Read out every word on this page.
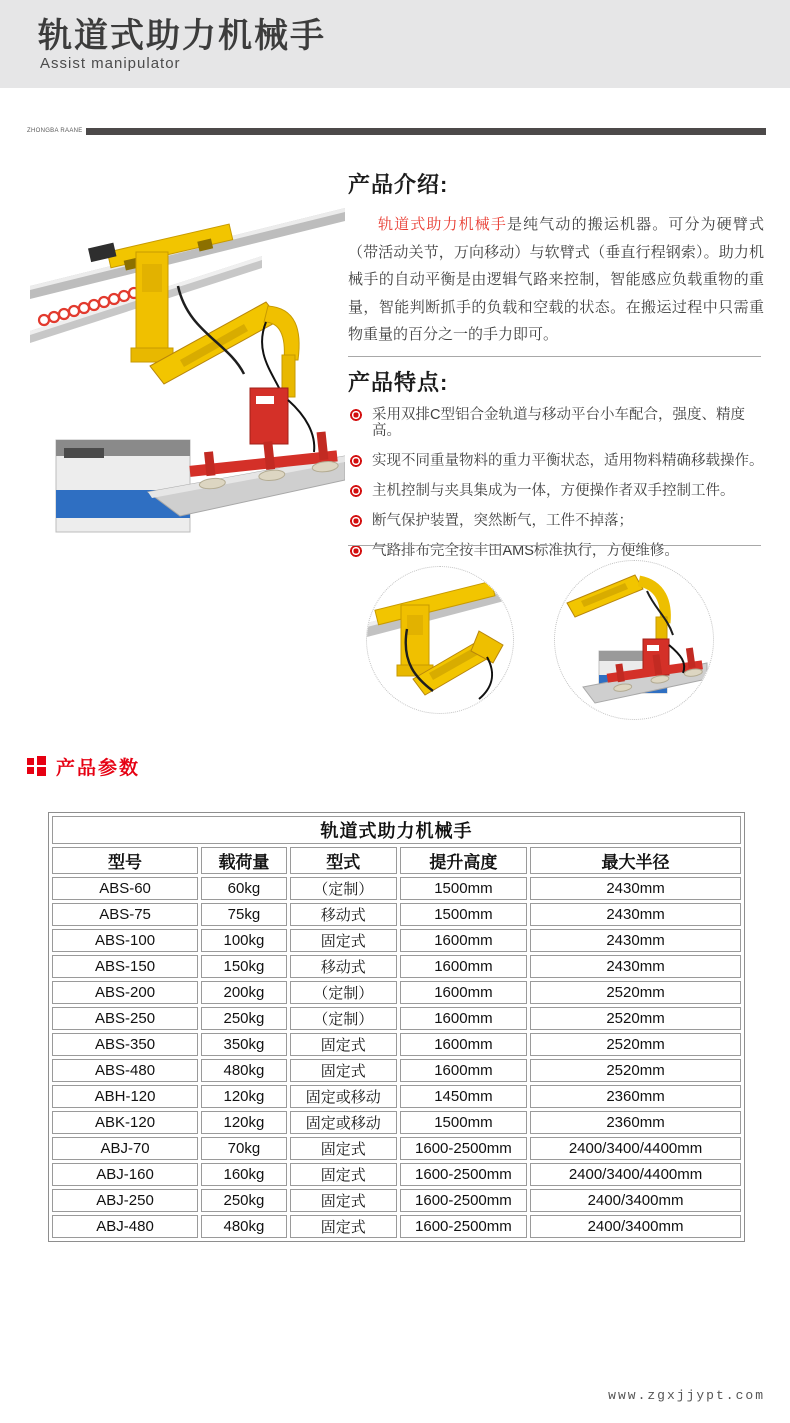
轨道式助力机械手
Assist manipulator
ZHONGBA RAANE
产品介绍:

轨道式助力机械手是纯气动的搬运机器。可分为硬臂式（带活动关节，万向移动）与软臂式（垂直行程钢索）。助力机械手的自动平衡是由逻辑气路来控制，智能感应负载重物的重量，智能判断抓手的负载和空载的状态。在搬运过程中只需重物重量的百分之一的手力即可。

产品特点:
采用双排C型铝合金轨道与移动平台小车配合，强度、精度高。
实现不同重量物料的重力平衡状态，适用物料精确移载操作。
主机控制与夹具集成为一体，方便操作者双手控制工件。
断气保护装置，突然断气，工件不掉落；
气路排布完全按丰田AMS标准执行，方便维修。
产品参数
轨道式助力机械手				
型号	载荷量	型式	提升高度	最大半径
ABS-60	60kg	（定制）	1500mm	2430mm
ABS-75	75kg	移动式	1500mm	2430mm
ABS-100	100kg	固定式	1600mm	2430mm
ABS-150	150kg	移动式	1600mm	2430mm
ABS-200	200kg	（定制）	1600mm	2520mm
ABS-250	250kg	（定制）	1600mm	2520mm
ABS-350	350kg	固定式	1600mm	2520mm
ABS-480	480kg	固定式	1600mm	2520mm
ABH-120	120kg	固定或移动	1450mm	2360mm
ABK-120	120kg	固定或移动	1500mm	2360mm
ABJ-70	70kg	固定式	1600-2500mm	2400/3400/4400mm
ABJ-160	160kg	固定式	1600-2500mm	2400/3400/4400mm
ABJ-250	250kg	固定式	1600-2500mm	2400/3400mm
ABJ-480	480kg	固定式	1600-2500mm	2400/3400mm
www.zgxjjypt.com
